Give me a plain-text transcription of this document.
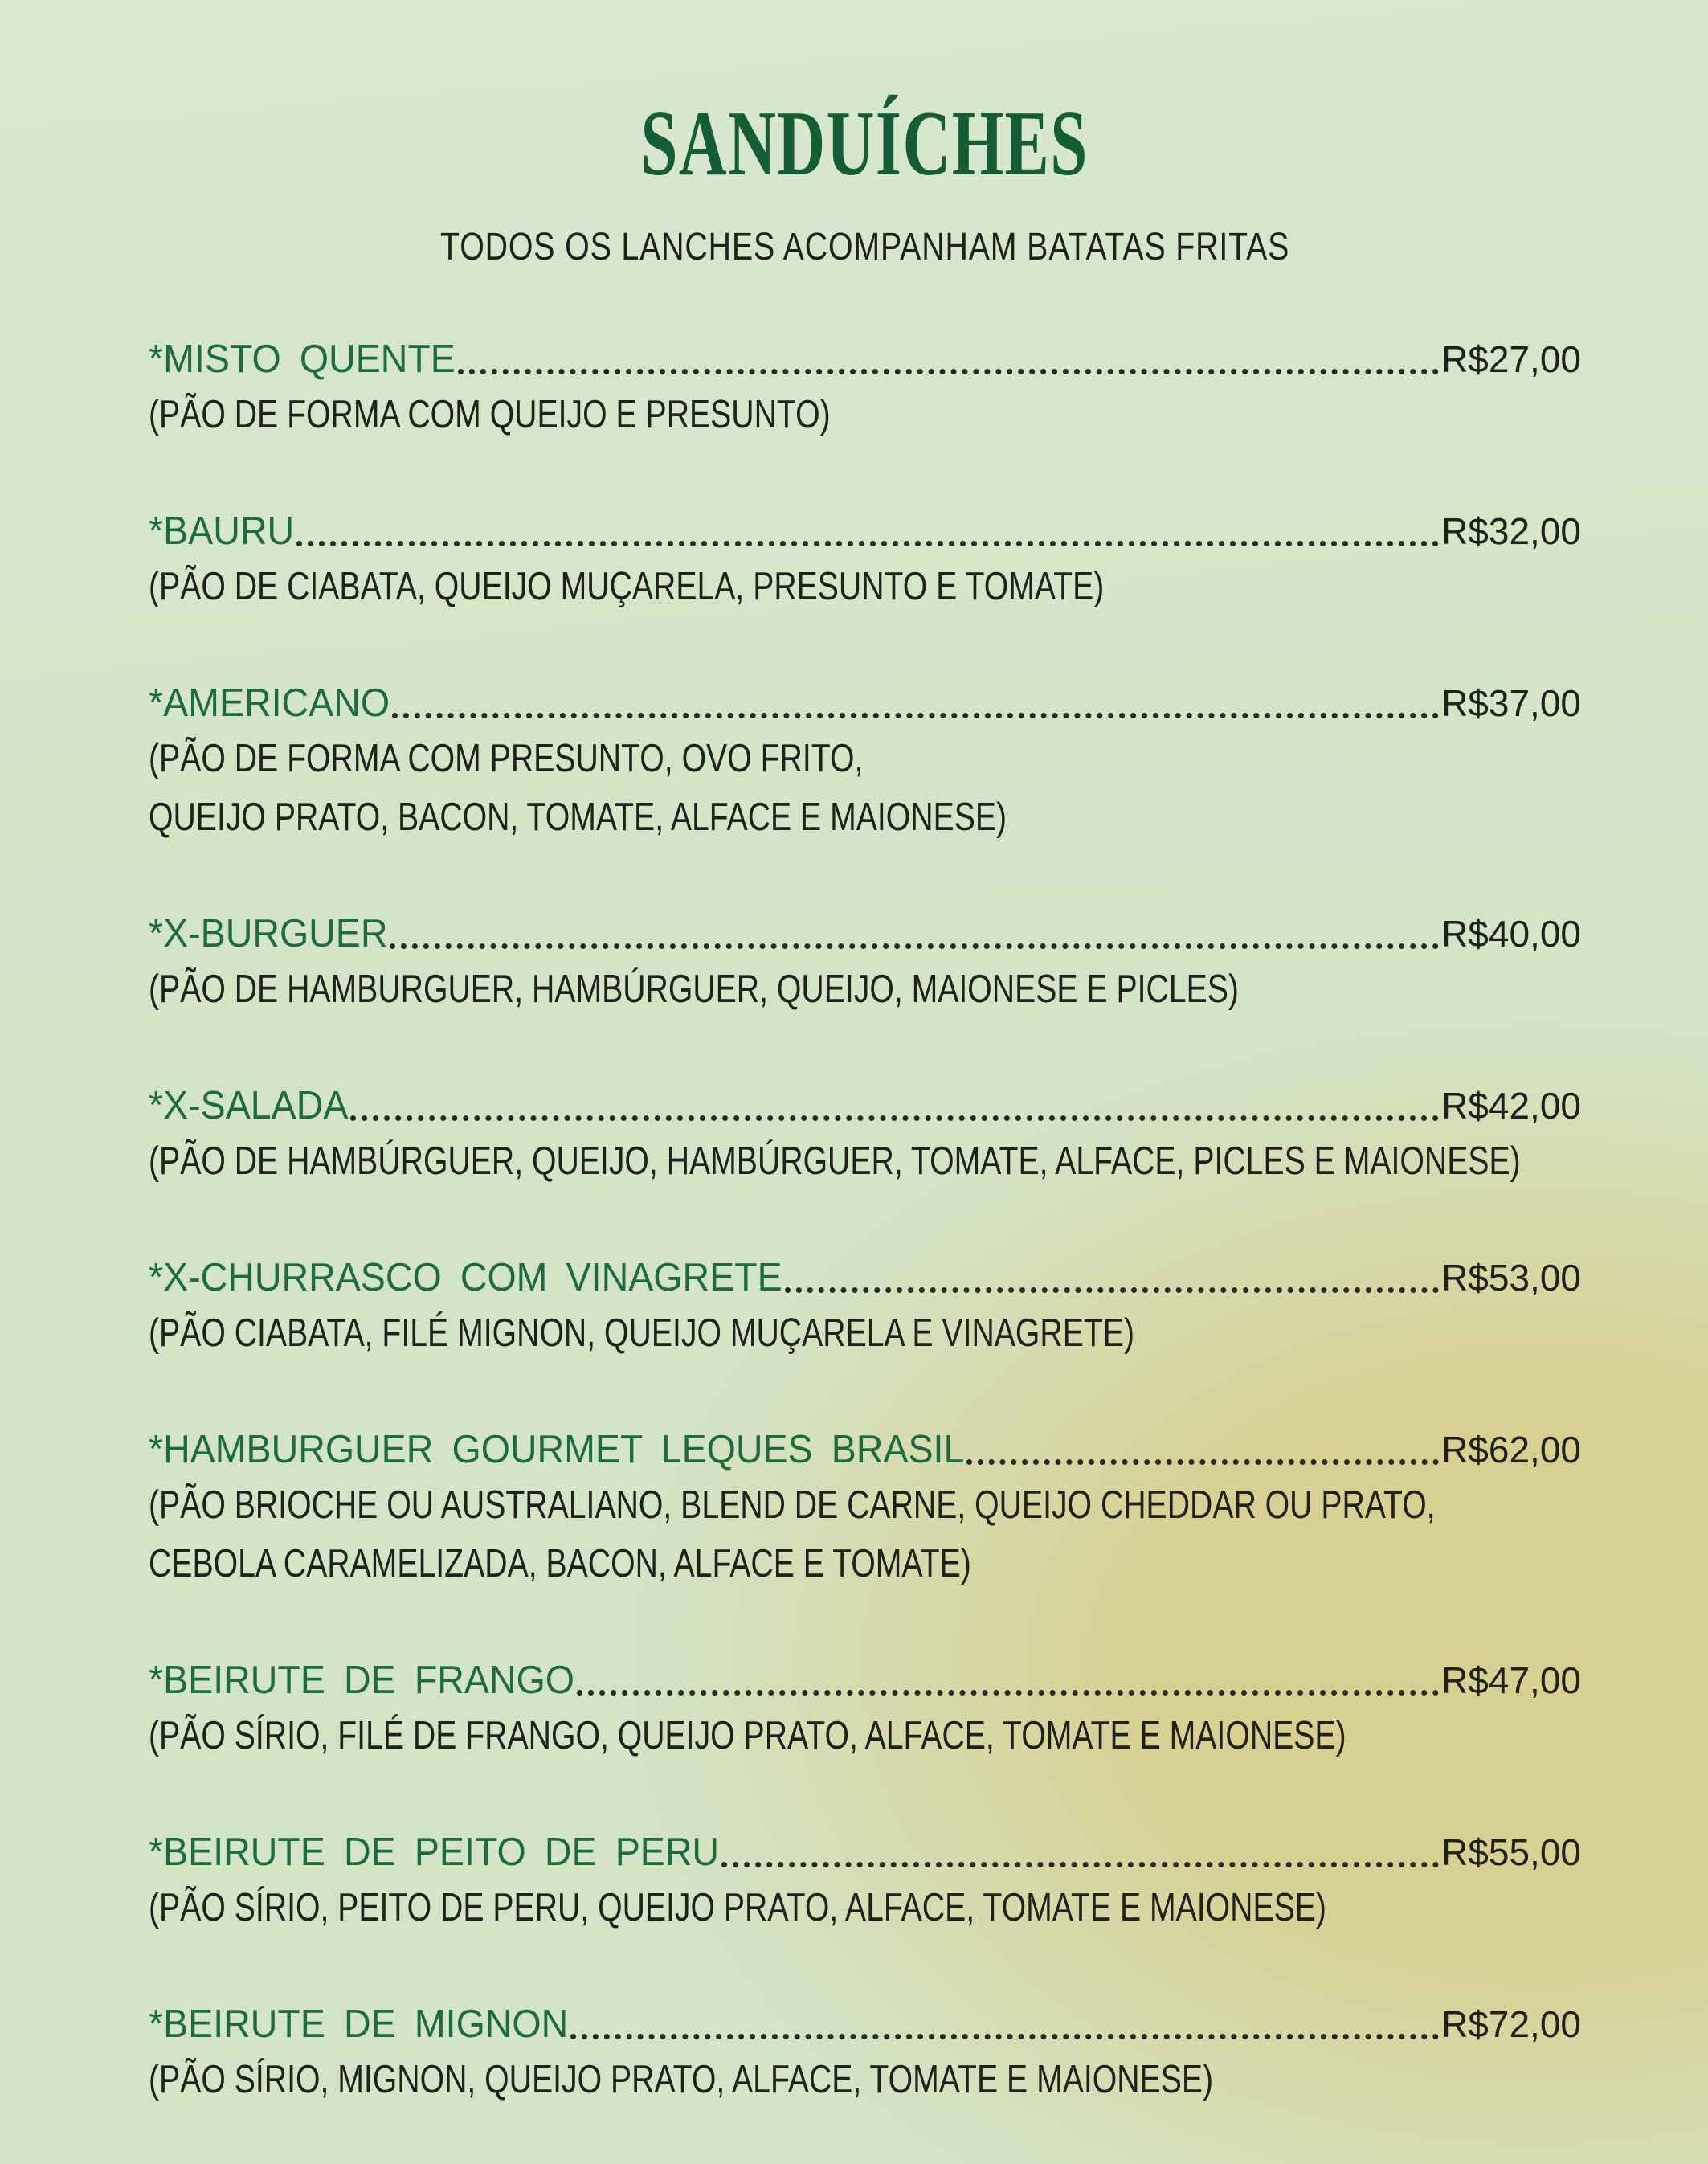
SANDUÍCHES
TODOS OS LANCHES ACOMPANHAM BATATAS FRITAS
*MISTO QUENTE	R$27,00
(PÃO DE FORMA COM QUEIJO E PRESUNTO)
*BAURU	R$32,00
(PÃO DE CIABATA, QUEIJO MUÇARELA, PRESUNTO E TOMATE)
*AMERICANO	R$37,00
(PÃO DE FORMA COM PRESUNTO, OVO FRITO,
QUEIJO PRATO, BACON, TOMATE, ALFACE E MAIONESE)
*X-BURGUER	R$40,00
(PÃO DE HAMBURGUER, HAMBÚRGUER, QUEIJO, MAIONESE E PICLES)
*X-SALADA	R$42,00
(PÃO DE HAMBÚRGUER, QUEIJO, HAMBÚRGUER, TOMATE, ALFACE, PICLES E MAIONESE)
*X-CHURRASCO COM VINAGRETE	R$53,00
(PÃO CIABATA, FILÉ MIGNON, QUEIJO MUÇARELA E VINAGRETE)
*HAMBURGUER GOURMET LEQUES BRASIL	R$62,00
(PÃO BRIOCHE OU AUSTRALIANO, BLEND DE CARNE, QUEIJO CHEDDAR OU PRATO,
CEBOLA CARAMELIZADA, BACON, ALFACE E TOMATE)
*BEIRUTE DE FRANGO	R$47,00
(PÃO SÍRIO, FILÉ DE FRANGO, QUEIJO PRATO, ALFACE, TOMATE E MAIONESE)
*BEIRUTE DE PEITO DE PERU	R$55,00
(PÃO SÍRIO, PEITO DE PERU, QUEIJO PRATO, ALFACE, TOMATE E MAIONESE)
*BEIRUTE DE MIGNON	R$72,00
(PÃO SÍRIO, MIGNON, QUEIJO PRATO, ALFACE, TOMATE E MAIONESE)
